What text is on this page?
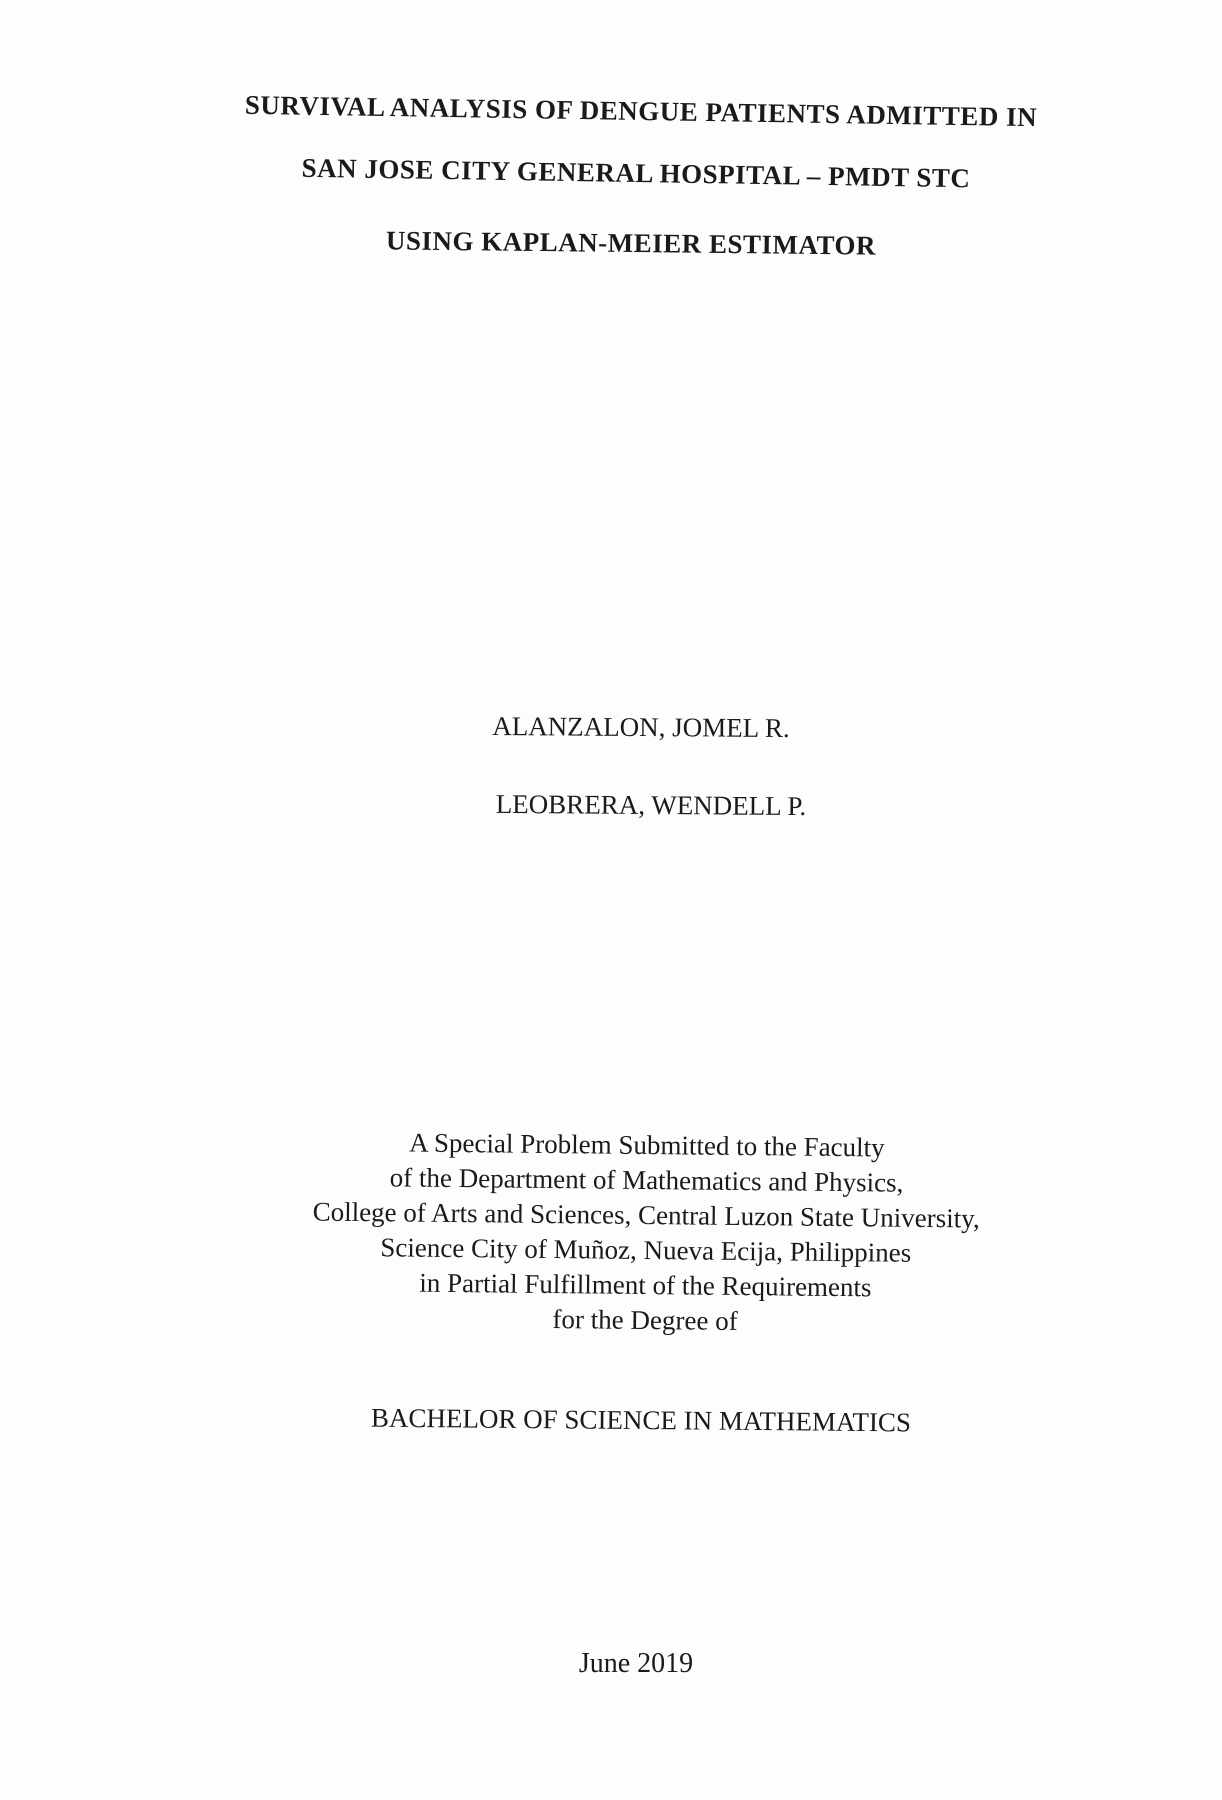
SURVIVAL ANALYSIS OF DENGUE PATIENTS ADMITTED IN
SAN JOSE CITY GENERAL HOSPITAL – PMDT STC
USING KAPLAN-MEIER ESTIMATOR

ALANZALON, JOMEL R.

LEOBRERA, WENDELL P.

A Special Problem Submitted to the Faculty
of the Department of Mathematics and Physics,
College of Arts and Sciences, Central Luzon State University,
Science City of Muñoz, Nueva Ecija, Philippines
in Partial Fulfillment of the Requirements
for the Degree of

BACHELOR OF SCIENCE IN MATHEMATICS

June 2019
